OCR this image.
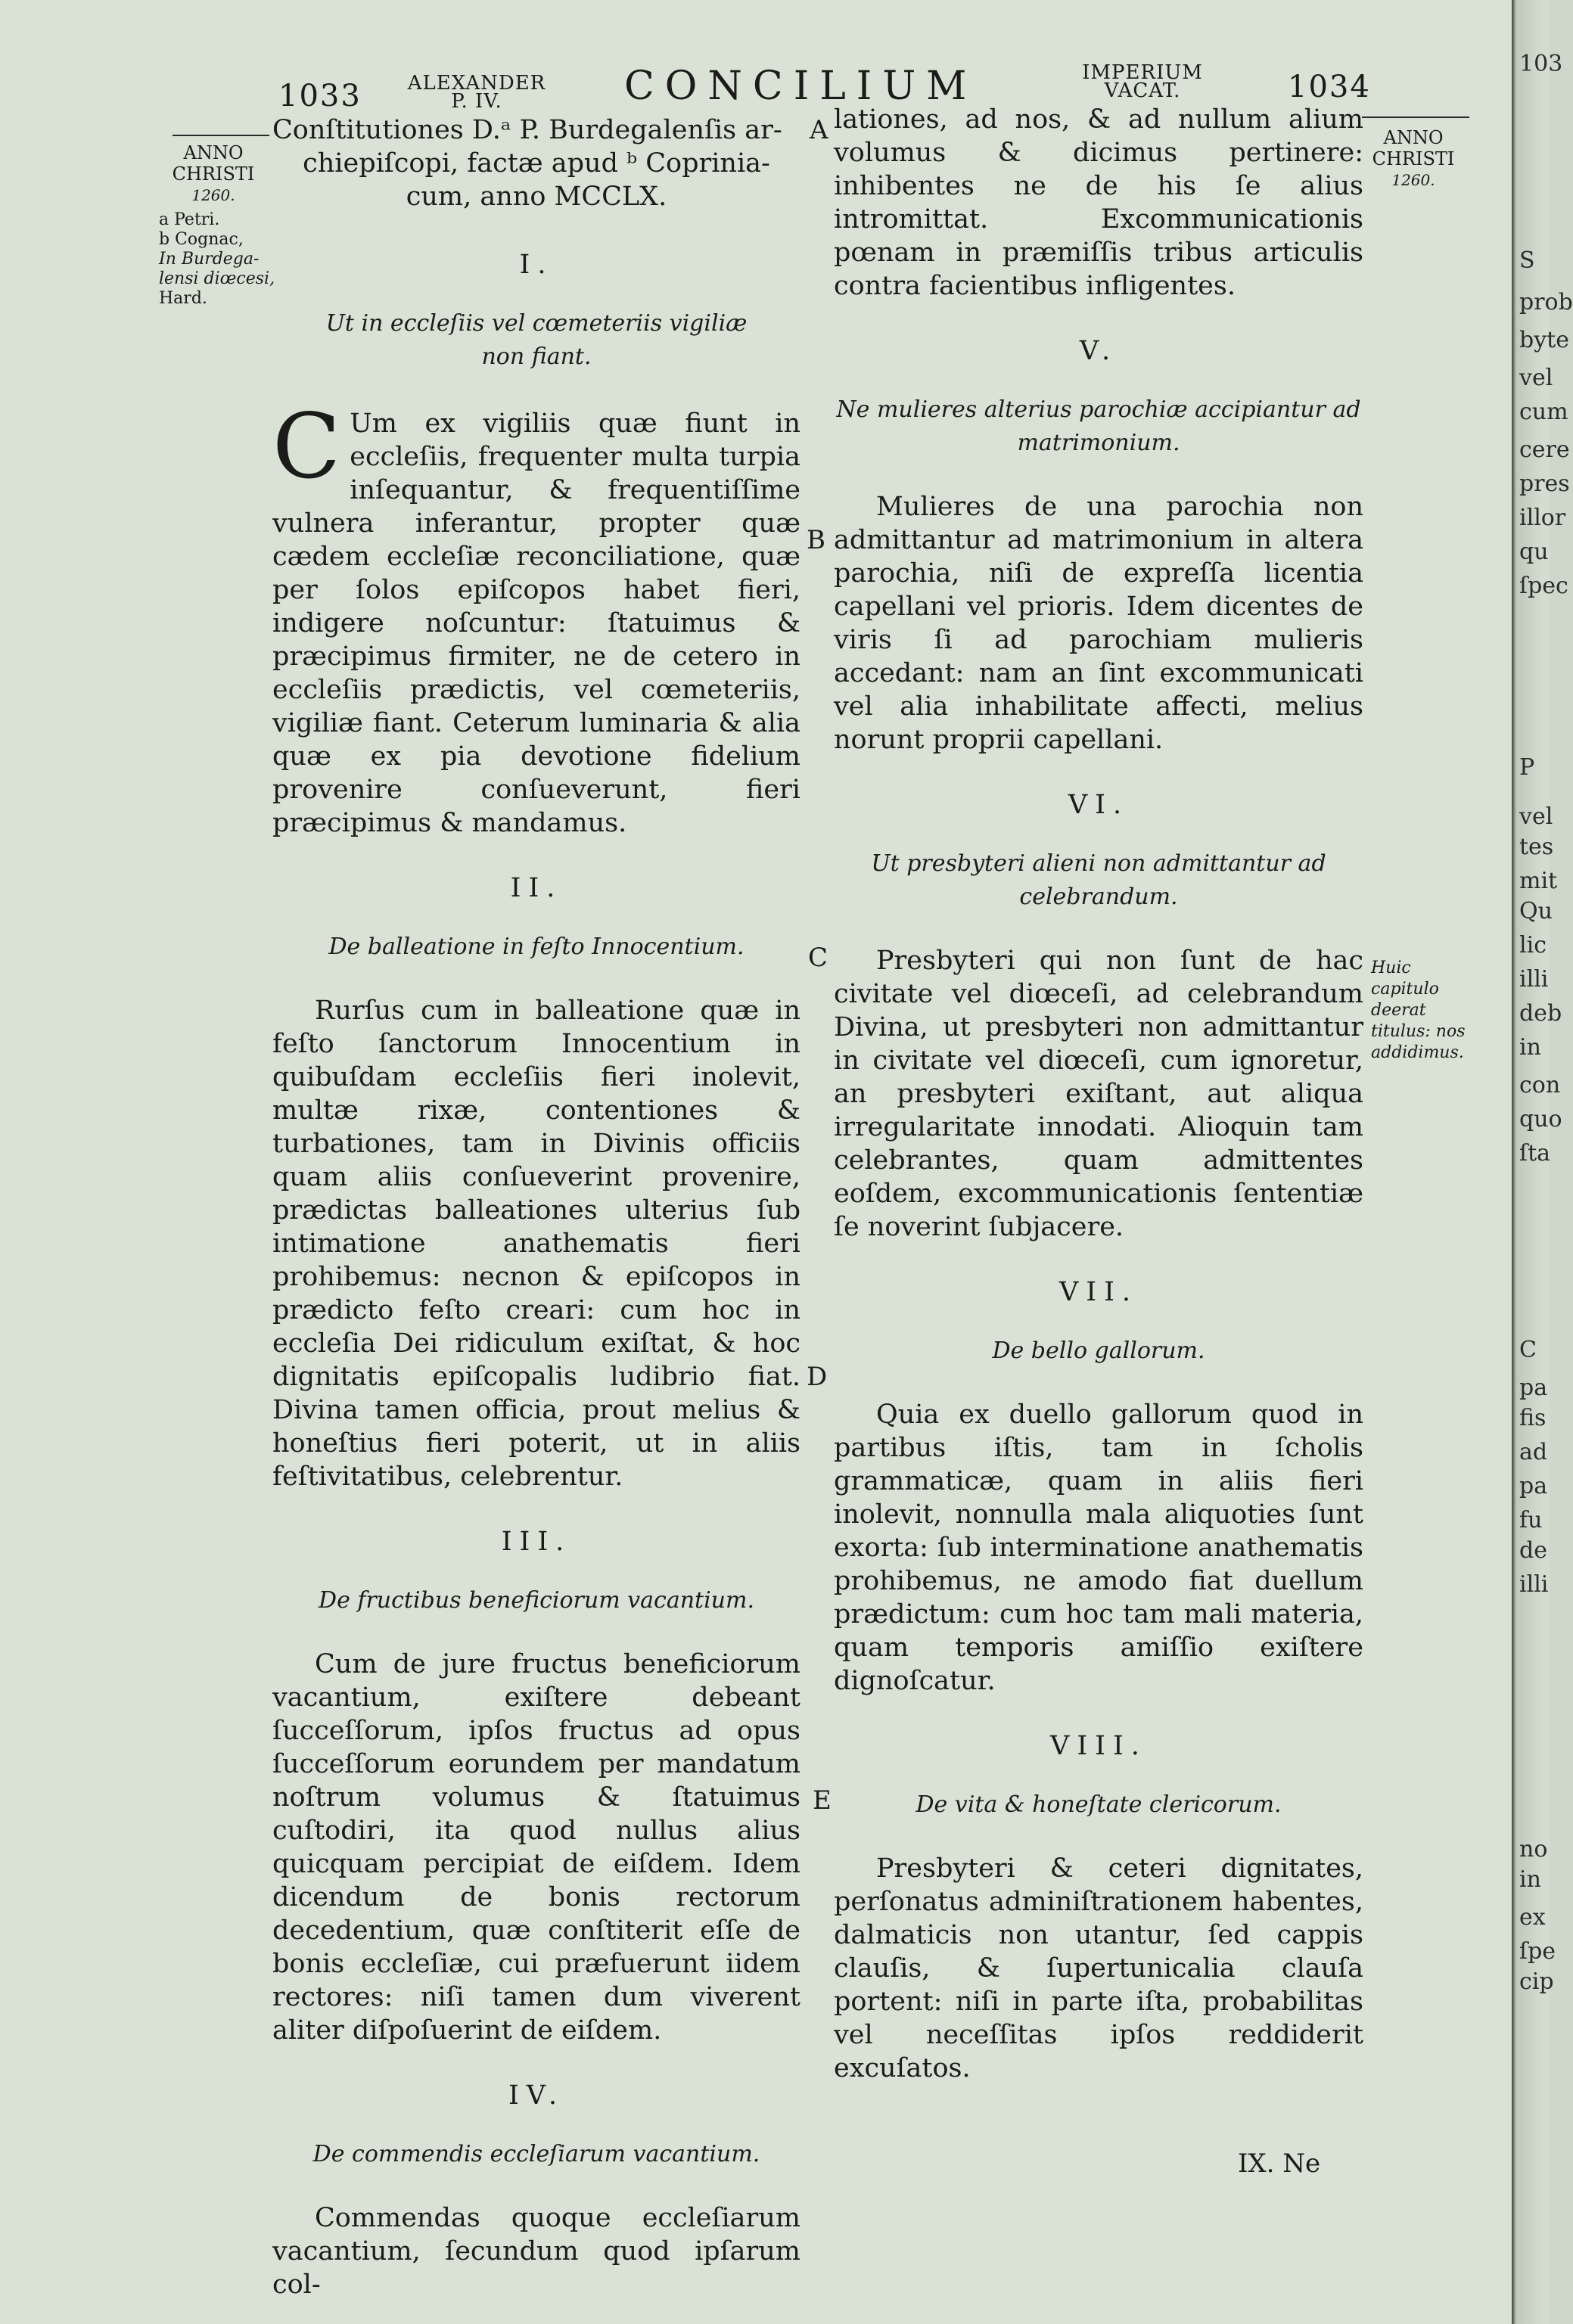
1033	ALEXANDER
P. IV.	CONCILIUM	IMPERIUM
VACAT.	1034
ANNO
CHRISTI
1260.
a Petri.
b Cognac,
In Burdega-
lensi diœcesi,
Hard.
ANNO
CHRISTI
1260.
Huic capitulo deerat titulus: nos addidimus.
A
B
C
D
E

Conſtitutiones D.ᵃ P. Burdegalenſis ar-

chiepiſcopi, factæ apud ᵇ Coprinia-

cum, anno MCCLX.

I.
Ut in eccleſiis vel cœmeteriis vigiliæ non fiant.

C Um ex vigiliis quæ fiunt in eccleſiis, frequenter multa turpia inſequantur, & frequentiſſime vulnera inferantur, propter quæ cædem eccleſiæ reconciliatione, quæ per ſolos epiſcopos habet fieri, indigere noſcuntur: ſtatuimus & præcipimus firmiter, ne de cetero in eccleſiis prædictis, vel cœmeteriis, vigiliæ fiant. Ceterum luminaria & alia quæ ex pia devotione fidelium provenire conſueverunt, fieri præcipimus & mandamus.

II.
De balleatione in feſto Innocentium.

Rurſus cum in balleatione quæ in feſto ſanctorum Innocentium in quibuſdam eccleſiis fieri inolevit, multæ rixæ, contentiones & turbationes, tam in Divinis officiis quam aliis conſueverint provenire, prædictas balleationes ulterius ſub intimatione anathematis fieri prohibemus: necnon & epiſcopos in prædicto feſto creari: cum hoc in eccleſia Dei ridiculum exiſtat, & hoc dignitatis epiſcopalis ludibrio fiat. Divina tamen officia, prout melius & honeſtius fieri poterit, ut in aliis feſtivitatibus, celebrentur.

III.
De fructibus beneficiorum vacantium.

Cum de jure fructus beneficiorum vacantium, exiſtere debeant ſucceſſorum, ipſos fructus ad opus ſucceſſorum eorundem per mandatum noſtrum volumus & ſtatuimus cuſtodiri, ita quod nullus alius quicquam percipiat de eiſdem. Idem dicendum de bonis rectorum decedentium, quæ conſtiterit eſſe de bonis eccleſiæ, cui præfuerunt iidem rectores: niſi tamen dum viverent aliter diſpoſuerint de eiſdem.

IV.
De commendis eccleſiarum vacantium.

Commendas quoque eccleſiarum vacantium, ſecundum quod ipſarum col-

lationes, ad nos, & ad nullum alium volumus & dicimus pertinere: inhibentes ne de his ſe alius intromittat. Excommunicationis pœnam in præmiſſis tribus articulis contra facientibus infligentes.

V.
Ne mulieres alterius parochiæ accipiantur ad matrimonium.

Mulieres de una parochia non admittantur ad matrimonium in altera parochia, niſi de expreſſa licentia capellani vel prioris. Idem dicentes de viris ſi ad parochiam mulieris accedant: nam an ſint excommunicati vel alia inhabilitate affecti, melius norunt proprii capellani.

VI.
Ut presbyteri alieni non admittantur ad celebrandum.

Presbyteri qui non ſunt de hac civitate vel diœceſi, ad celebrandum Divina, ut presbyteri non admittantur in civitate vel diœceſi, cum ignoretur, an presbyteri exiſtant, aut aliqua irregularitate innodati. Alioquin tam celebrantes, quam admittentes eoſdem, excommunicationis ſententiæ ſe noverint ſubjacere.

VII.
De bello gallorum.

Quia ex duello gallorum quod in partibus iſtis, tam in ſcholis grammaticæ, quam in aliis fieri inolevit, nonnulla mala aliquoties ſunt exorta: ſub interminatione anathematis prohibemus, ne amodo fiat duellum prædictum: cum hoc tam mali materia, quam temporis amiſſio exiſtere dignoſcatur.

VIII.
De vita & honeſtate clericorum.

Presbyteri & ceteri dignitates, perſonatus adminiſtrationem habentes, dalmaticis non utantur, ſed cappis clauſis, & ſupertunicalia clauſa portent: niſi in parte iſta, probabilitas vel neceſſitas ipſos reddiderit excuſatos.

IX. Ne
103
S
prob
byte
vel
cum
cere
pres
illor
qu
ſpec
P
vel
tes
mit
Qu
lic
illi
deb
in
con
quo
ſta
C
pa
fis
ad
pa
fu
de
illi
no
in
ex
ſpe
cip
